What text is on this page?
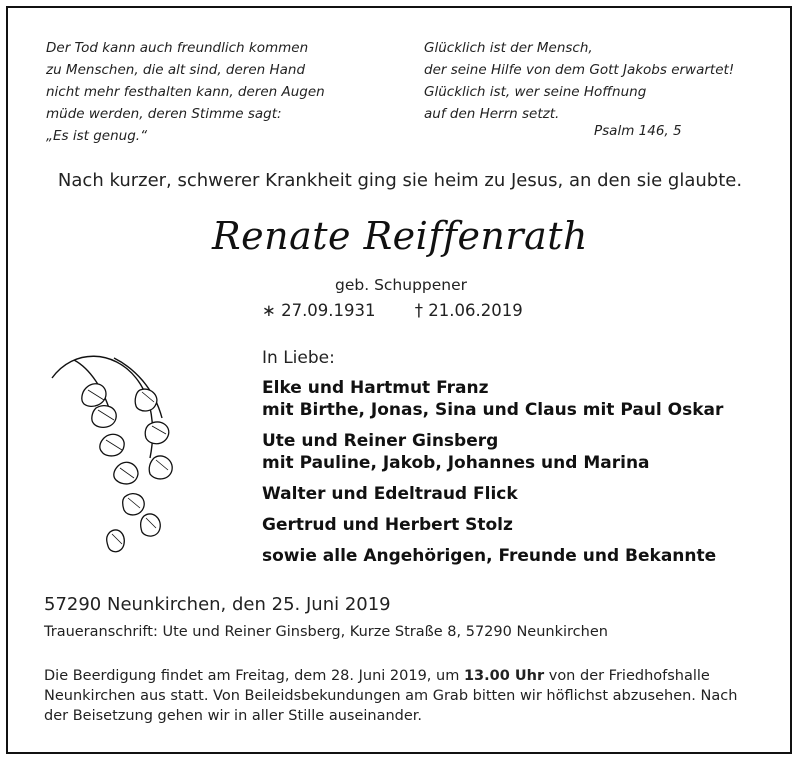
Der Tod kann auch freundlich kommen
zu Menschen, die alt sind, deren Hand
nicht mehr festhalten kann, deren Augen
müde werden, deren Stimme sagt:
„Es ist genug.“
Glücklich ist der Mensch,
der seine Hilfe von dem Gott Jakobs erwartet!
Glücklich ist, wer seine Hoffnung
auf den Herrn setzt.
Psalm 146, 5
Nach kurzer, schwerer Krankheit ging sie heim zu Jesus, an den sie glaubte.
Renate Reiffenrath
geb. Schuppener
∗ 27.09.1931 † 21.06.2019
In Liebe:
Elke und Hartmut Franz
mit Birthe, Jonas, Sina und Claus mit Paul Oskar
Ute und Reiner Ginsberg
mit Pauline, Jakob, Johannes und Marina
Walter und Edeltraud Flick
Gertrud und Herbert Stolz
sowie alle Angehörigen, Freunde und Bekannte
57290 Neunkirchen, den 25. Juni 2019
Traueranschrift: Ute und Reiner Ginsberg, Kurze Straße 8, 57290 Neunkirchen
Die Beerdigung findet am Freitag, dem 28. Juni 2019, um 13.00 Uhr von der Friedhofshalle Neunkirchen aus statt. Von Beileidsbekundungen am Grab bitten wir höflichst abzusehen. Nach der Beisetzung gehen wir in aller Stille auseinander.
